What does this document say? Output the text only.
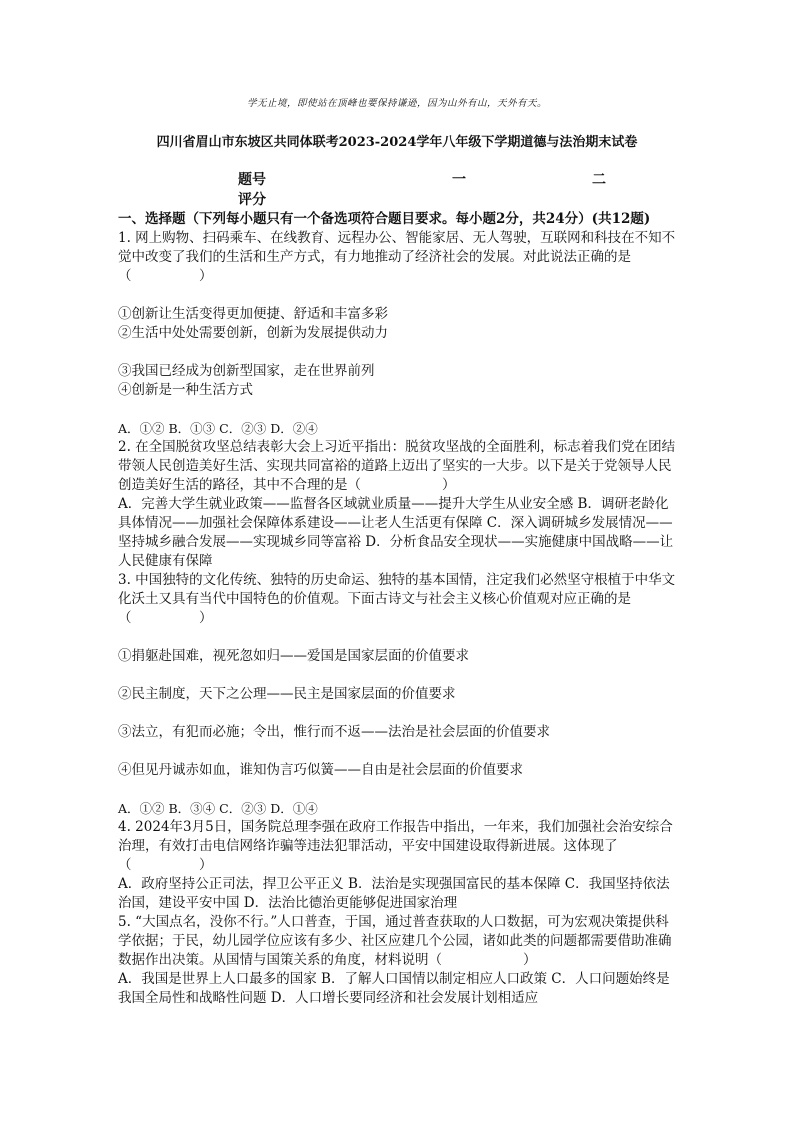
学无止境，即使站在顶峰也要保持谦逊，因为山外有山，天外有天。
四川省眉山市东坡区共同体联考2023-2024学年八年级下学期道德与法治期末试卷
题号	一	二
评分

一、选择题（下列每小题只有一个备选项符合题目要求。每小题2分，共24分）(共12题)

1. 网上购物、扫码乘车、在线教育、远程办公、智能家居、无人驾驶，互联网和科技在不知不觉中改变了我们的生活和生产方式，有力地推动了经济社会的发展。对此说法正确的是（　　　　　）

①创新让生活变得更加便捷、舒适和丰富多彩

②生活中处处需要创新，创新为发展提供动力

③我国已经成为创新型国家，走在世界前列

④创新是一种生活方式

A．①② B．①③ C．②③ D．②④

2. 在全国脱贫攻坚总结表彰大会上习近平指出：脱贫攻坚战的全面胜利，标志着我们党在团结带领人民创造美好生活、实现共同富裕的道路上迈出了坚实的一大步。以下是关于党领导人民创造美好生活的路径，其中不合理的是（　　　　　　）

A．完善大学生就业政策——监督各区域就业质量——提升大学生从业安全感 B．调研老龄化具体情况——加强社会保障体系建设——让老人生活更有保障 C．深入调研城乡发展情况——坚持城乡融合发展——实现城乡同等富裕 D．分析食品安全现状——实施健康中国战略——让人民健康有保障

3. 中国独特的文化传统、独特的历史命运、独特的基本国情，注定我们必然坚守根植于中华文化沃土又具有当代中国特色的价值观。下面古诗文与社会主义核心价值观对应正确的是（　　　　　）

①捐躯赴国难，视死忽如归——爱国是国家层面的价值要求

②民主制度，天下之公理——民主是国家层面的价值要求

③法立，有犯而必施；令出，惟行而不返——法治是社会层面的价值要求

④但见丹诚赤如血，谁知伪言巧似簧——自由是社会层面的价值要求

A．①② B．③④ C．②③ D．①④

4. 2024年3月5日，国务院总理李强在政府工作报告中指出，一年来，我们加强社会治安综合治理，有效打击电信网络诈骗等违法犯罪活动，平安中国建设取得新进展。这体现了（　　　　　）

A．政府坚持公正司法，捍卫公平正义 B．法治是实现强国富民的基本保障 C．我国坚持依法治国，建设平安中国 D．法治比德治更能够促进国家治理

5. “大国点名，没你不行。”人口普查，于国，通过普查获取的人口数据，可为宏观决策提供科学依据；于民，幼儿园学位应该有多少、社区应建几个公园，诸如此类的问题都需要借助准确数据作出决策。从国情与国策关系的角度，材料说明（　　　　　　）

A．我国是世界上人口最多的国家 B．了解人口国情以制定相应人口政策 C．人口问题始终是我国全局性和战略性问题 D．人口增长要同经济和社会发展计划相适应
